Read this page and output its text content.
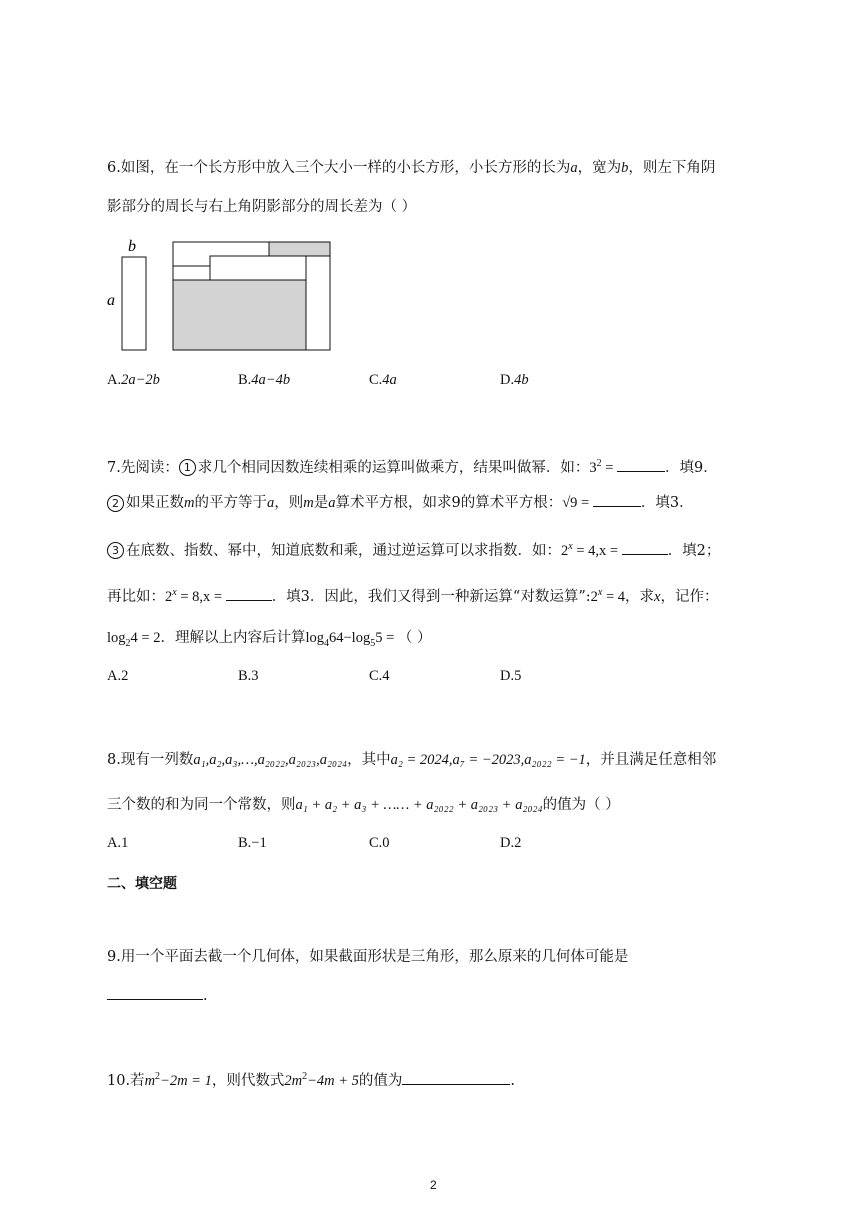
6.如图，在一个长方形中放入三个大小一样的小长方形，小长方形的长为a，宽为b，则左下角阴
影部分的周长与右上角阴影部分的周长差为（ ）
b
a
A.2a−2b	B.4a−4b	C.4a	D.4b
7.先阅读： 1 求几个相同因数连续相乘的运算叫做乘方，结果叫做幂．如：$3^2$ =	．填9．
2 如果正数m的平方等于a，则m是a算术平方根，如求9的算术平方根：√9 =	．填3．
3 在底数、指数、幂中，知道底数和乘，通过逆运算可以求指数．如：$2^x = 4,x$ =	．填2；
再比如：$2^x = 8,x$ =	．填3．因此，我们又得到一种新运算“对数运算$”:2^x = 4$，求x，记作：
$\log_24 = 2$．理解以上内容后计算$\log_464-\log_55$ = （ ）
A.2	B.3	C.4	D.5
8.现有一列数a₁,a₂,a₃,…,a₂₀₂₂,a₂₀₂₃,a₂₀₂₄，其中a₂ = 2024,a₇ = −2023,a₂₀₂₂ = −1，并且满足任意相邻
三个数的和为同一个常数，则a₁ + a₂ + a₃ + …… + a₂₀₂₂ + a₂₀₂₃ + a₂₀₂₄的值为（ ）
A.1	B.−1	C.0	D.2
二、填空题
9.用一个平面去截一个几何体，如果截面形状是三角形，那么原来的几何体可能是
.
10.若$m^2-2m = 1$，则代数式$2m^2-4m + 5$的值为	.
2
